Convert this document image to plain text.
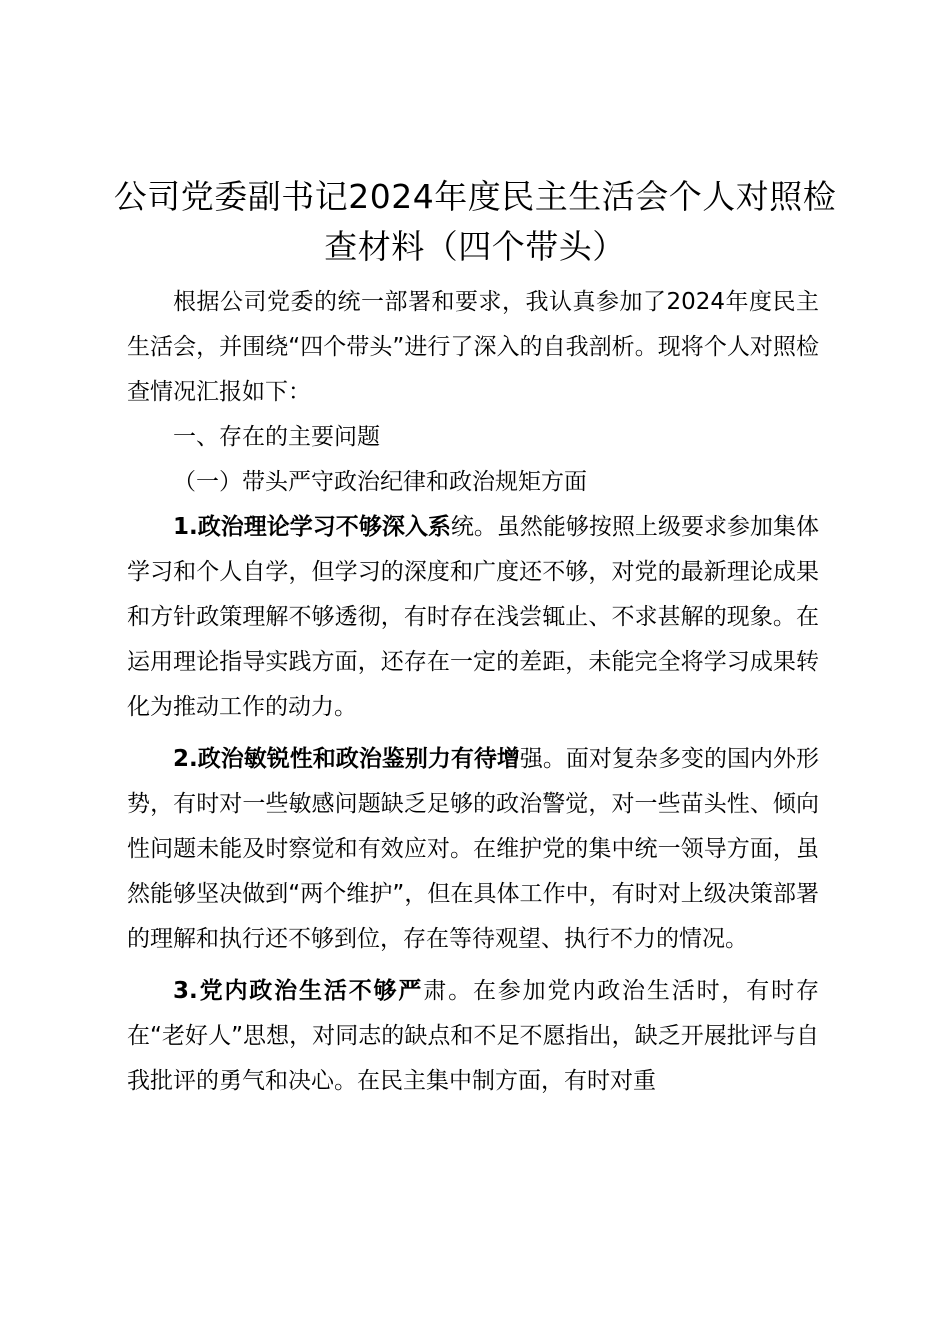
公司党委副书记2024年度民主生活会个人对照检查材料（四个带头）

根据公司党委的统一部署和要求，我认真参加了2024年度民主生活会，并围绕“四个带头”进行了深入的自我剖析。现将个人对照检查情况汇报如下：

一、存在的主要问题

（一）带头严守政治纪律和政治规矩方面

1.政治理论学习不够深入系统。虽然能够按照上级要求参加集体学习和个人自学，但学习的深度和广度还不够，对党的最新理论成果和方针政策理解不够透彻，有时存在浅尝辄止、不求甚解的现象。在运用理论指导实践方面，还存在一定的差距，未能完全将学习成果转化为推动工作的动力。

2.政治敏锐性和政治鉴别力有待增强。面对复杂多变的国内外形势，有时对一些敏感问题缺乏足够的政治警觉，对一些苗头性、倾向性问题未能及时察觉和有效应对。在维护党的集中统一领导方面，虽然能够坚决做到“两个维护”，但在具体工作中，有时对上级决策部署的理解和执行还不够到位，存在等待观望、执行不力的情况。

3.党内政治生活不够严肃。在参加党内政治生活时，有时存在“老好人”思想，对同志的缺点和不足不愿指出，缺乏开展批评与自我批评的勇气和决心。在民主集中制方面，有时对重
